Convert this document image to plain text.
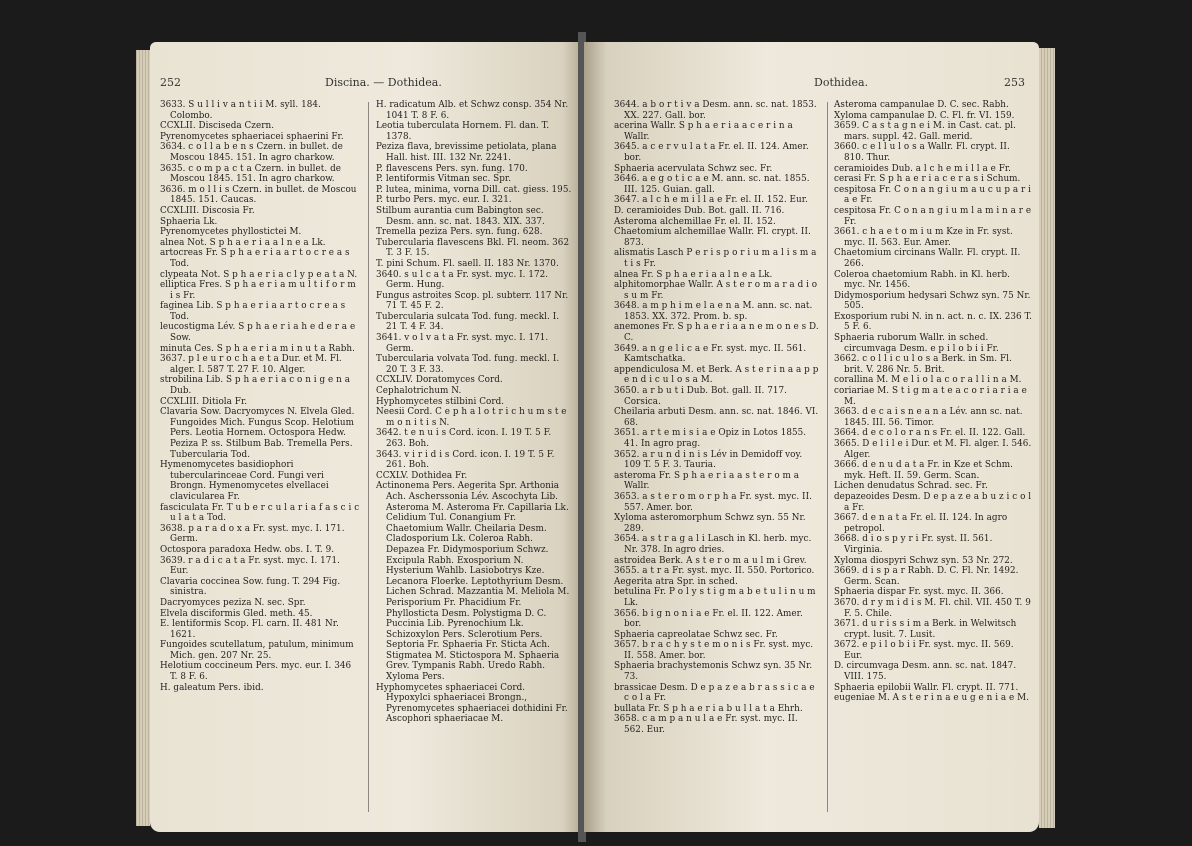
252	Discina. — Dothidea.

3633. S u l l i v a n t i i M. syll. 184. Colombo.

CCXLII. Discisedа Czern.

Pyrenomycetes sphaeriacei sphaerini Fr.

3634. c o l l a b e n s Czern. in bullet. de Moscou 1845. 151. In agro charkow.

3635. c o m p a c t a Czern. in bullet. de Moscou 1845. 151. In agro charkow.

3636. m o l l i s Czern. in bullet. de Moscou 1845. 151. Caucas.

CCXLIII. Discosia Fr.

Sphaeria Lk.

Pyrenomycetes phyllostictei M.

alnea Not. S p h a e r i a a l n e a Lk.

artocreas Fr. S p h a e r i a a r t o c r e a s Tod.

clypeata Not. S p h a e r i a c l y p e a t a N.

elliptica Fres. S p h a e r i a m u l t i f o r m i s Fr.

faginea Lib. S p h a e r i a a r t o c r e a s Tod.

leucostigma Lév. S p h a e r i a h e d e r a e Sow.

minuta Ces. S p h a e r i a m i n u t a Rabh.

3637. p l e u r o c h a e t a Dur. et M. Fl. alger. I. 587 T. 27 F. 10. Alger.

strobilina Lib. S p h a e r i a c o n i g e n a Dub.

CCXLIII. Ditiola Fr.

Clavaria Sow. Dacryomyces N. Elvela Gled. Fungoides Mich. Fungus Scop. Helotium Pers. Leotia Hornem. Octospora Hedw. Peziza P. ss. Stilbum Bab. Tremella Pers. Tubercularia Tod.

Hymenomycetes basidiophori tubercularinceae Cord. Fungi veri Brongn. Hymenomycetes elvellacei clavicularea Fr.

fasciculata Fr. T u b e r c u l a r i a f a s c i c u l a t a Tod.

3638. p a r a d o x a Fr. syst. myc. I. 171. Germ.

Octospora paradoxa Hedw. obs. I. T. 9.

3639. r a d i c a t a Fr. syst. myc. I. 171. Eur.

Clavaria coccinea Sow. fung. T. 294 Fig. sinistra.

Dacryomyces peziza N. sec. Spr.

Elvela disciformis Gled. meth. 45.

E. lentiformis Scop. Fl. carn. II. 481 Nr. 1621.

Fungoides scutellatum, patulum, minimum Mich. gen. 207 Nr. 25.

Helotium coccineum Pers. myc. eur. I. 346 T. 8 F. 6.

H. galeatum Pers. ibid.

H. radicatum Alb. et Schwz consp. 354 Nr. 1041 T. 8 F. 6.

Leotia tuberculata Hornem. Fl. dan. T. 1378.

Peziza flava, brevissime petiolata, plana Hall. hist. III. 132 Nr. 2241.

P. flavescens Pers. syn. fung. 170.

P. lentiformis Vitman sec. Spr.

P. lutea, minima, vorna Dill. cat. giess. 195.

P. turbo Pers. myc. eur. I. 321.

Stilbum aurantia cum Babington sec. Desm. ann. sc. nat. 1843. XIX. 337.

Tremella peziza Pers. syn. fung. 628.

Tubercularia flavescens Bkl. Fl. neom. 362 T. 3 F. 15.

T. pini Schum. Fl. saell. II. 183 Nr. 1370.

3640. s u l c a t a Fr. syst. myc. I. 172. Germ. Hung.

Fungus astroites Scop. pl. subterr. 117 Nr. 71 T. 45 F. 2.

Tubercularia sulcata Tod. fung. meckl. I. 21 T. 4 F. 34.

3641. v o l v a t a Fr. syst. myc. I. 171. Germ.

Tubercularia volvata Tod. fung. meckl. I. 20 T. 3 F. 33.

CCXLIV. Doratomyces Cord.

Cephalotrichum N.

Hyphomycetes stilbini Cord.

Neesii Cord. C e p h a l o t r i c h u m s t e m o n i t i s N.

3642. t e n u i s Cord. icon. I. 19 T. 5 F. 263. Boh.

3643. v i r i d i s Cord. icon. I. 19 T. 5 F. 261. Boh.

CCXLV. Dothidea Fr.

Actinonema Pers. Aegerita Spr. Arthonia Ach. Ascherssonia Lév. Ascochyta Lib. Asteroma M. Asteroma Fr. Capillaria Lk. Celidium Tul. Conangium Fr. Chaetomium Wallr. Cheilaria Desm. Cladosporium Lk. Coleroa Rabh. Depazea Fr. Didymosporium Schwz. Excipula Rabh. Exosporium N. Hysterium Wahlb. Lasiobotrys Kze. Lecanora Floerke. Leptothyrium Desm. Lichen Schrad. Mazzantia M. Meliola M. Perisporium Fr. Phacidium Fr. Phyllosticta Desm. Polystigma D. C. Puccinia Lib. Pyrenochium Lk. Schizoxylon Pers. Sclerotium Pers. Septoria Fr. Sphaeria Fr. Sticta Ach. Stigmatea M. Stictospora M. Sphaeria Grev. Tympanis Rabh. Uredo Rabh. Xyloma Pers.

Hyphomycetes sphaeriacei Cord. Hypoxylci sphaeriacei Brongn., Pyrenomycetes sphaeriacei dothidini Fr. Ascophori sphaeriacae M.

Dothidea.	253

3644. a b o r t i v a Desm. ann. sc. nat. 1853. XX. 227. Gall. bor.

acerina Wallr. S p h a e r i a a c e r i n a Wallr.

3645. a c e r v u l a t a Fr. el. II. 124. Amer. bor.

Sphaeria acervulata Schwz sec. Fr.

3646. a e g o t i c a e M. ann. sc. nat. 1855. III. 125. Guian. gall.

3647. a l c h e m i l l a e Fr. el. II. 152. Eur.

D. ceramioides Dub. Bot. gall. II. 716.

Asteroma alchemillae Fr. el. II. 152.

Chaetomium alchemillae Wallr. Fl. crypt. II. 873.

alismatis Lasch P e r i s p o r i u m a l i s m a t i s Fr.

alnea Fr. S p h a e r i a a l n e a Lk.

alphitomorphae Wallr. A s t e r o m a r a d i o s u m Fr.

3648. a m p h i m e l a e n a M. ann. sc. nat. 1853. XX. 372. Prom. b. sp.

anemones Fr. S p h a e r i a a n e m o n e s D. C.

3649. a n g e l i c a e Fr. syst. myc. II. 561. Kamtschatka.

appendiculosa M. et Berk. A s t e r i n a a p p e n d i c u l o s a M.

3650. a r b u t i Dub. Bot. gall. II. 717. Corsica.

Cheilaria arbuti Desm. ann. sc. nat. 1846. VI. 68.

3651. a r t e m i s i a e Opiz in Lotos 1855. 41. In agro prag.

3652. a r u n d i n i s Lév in Demidoff voy. 109 T. 5 F. 3. Tauria.

asteroma Fr. S p h a e r i a a s t e r o m a Wallr.

3653. a s t e r o m o r p h a Fr. syst. myc. II. 557. Amer. bor.

Xyloma asteromorphum Schwz syn. 55 Nr. 289.

3654. a s t r a g a l i Lasch in Kl. herb. myc. Nr. 378. In agro dries.

astroidea Berk. A s t e r o m a u l m i Grev.

3655. a t r a Fr. syst. myc. II. 550. Portorico.

Aegerita atra Spr. in sched.

betulina Fr. P o l y s t i g m a b e t u l i n u m Lk.

3656. b i g n o n i a e Fr. el. II. 122. Amer. bor.

Sphaeria capreolatae Schwz sec. Fr.

3657. b r a c h y s t e m o n i s Fr. syst. myc. II. 558. Amer. bor.

Sphaeria brachystemonis Schwz syn. 35 Nr. 73.

brassicae Desm. D e p a z e a b r a s s i c a e c o l a Fr.

bullata Fr. S p h a e r i a b u l l a t a Ehrh.

3658. c a m p a n u l a e Fr. syst. myc. II. 562. Eur.

Asteroma campanulae D. C. sec. Rabh.

Xyloma campanulae D. C. Fl. fr. VI. 159.

3659. C a s t a g n e i M. in Cast. cat. pl. mars. suppl. 42. Gall. merid.

3660. c e l l u l o s a Wallr. Fl. crypt. II. 810. Thur.

ceramioides Dub. a l c h e m i l l a e Fr.

cerasi Fr. S p h a e r i a c e r a s i Schum.

cespitosa Fr. C o n a n g i u m a u c u p a r i a e Fr.

cespitosa Fr. C o n a n g i u m l a m i n a r e Fr.

3661. c h a e t o m i u m Kze in Fr. syst. myc. II. 563. Eur. Amer.

Chaetomium circinans Wallr. Fl. crypt. II. 266.

Coleroa chaetomium Rabh. in Kl. herb. myc. Nr. 1456.

Didymosporium hedysari Schwz syn. 75 Nr. 505.

Exosporium rubi N. in n. act. n. c. IX. 236 T. 5 F. 6.

Sphaeria ruborum Wallr. in sched. circumvaga Desm. e p i l o b i i Fr.

3662. c o l l i c u l o s a Berk. in Sm. Fl. brit. V. 286 Nr. 5. Brit.

corallina M. M e l i o l a c o r a l l i n a M.

coriariae M. S t i g m a t e a c o r i a r i a e M.

3663. d e c a i s n e a n a Lév. ann sc. nat. 1845. III. 56. Timor.

3664. d e c o l o r a n s Fr. el. II. 122. Gall.

3665. D e l i l e i Dur. et M. Fl. alger. I. 546. Alger.

3666. d e n u d a t a Fr. in Kze et Schm. myk. Heft. II. 59. Germ. Scan.

Lichen denudatus Schrad. sec. Fr.

depazeoides Desm. D e p a z e a b u z i c o l a Fr.

3667. d e n a t a Fr. el. II. 124. In agro petropol.

3668. d i o s p y r i Fr. syst. II. 561. Virginia.

Xyloma diospyri Schwz syn. 53 Nr. 272.

3669. d i s p a r Rabh. D. C. Fl. Nr. 1492. Germ. Scan.

Sphaeria dispar Fr. syst. myc. II. 366.

3670. d r y m i d i s M. Fl. chil. VII. 450 T. 9 F. 5. Chile.

3671. d u r i s s i m a Berk. in Welwitsch crypt. lusit. 7. Lusit.

3672. e p i l o b i i Fr. syst. myc. II. 569. Eur.

D. circumvaga Desm. ann. sc. nat. 1847. VIII. 175.

Sphaeria epilobii Wallr. Fl. crypt. II. 771.

eugeniae M. A s t e r i n a e u g e n i a e M.
